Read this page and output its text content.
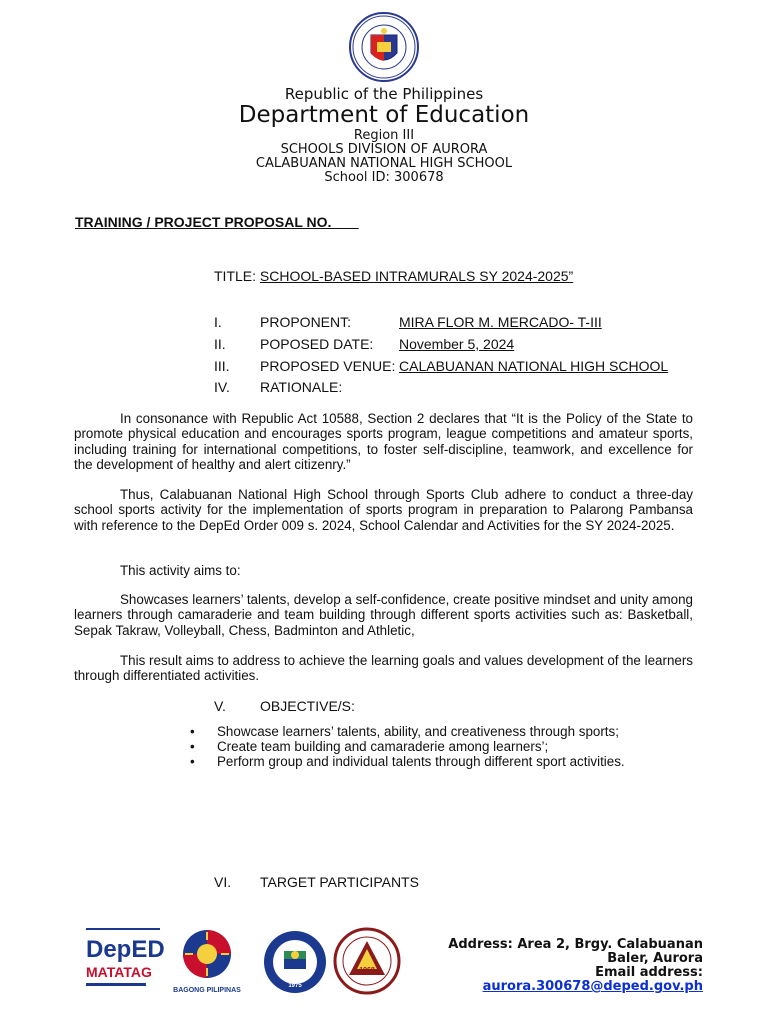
Republic of the Philippines
Department of Education
Region III
SCHOOLS DIVISION OF AURORA
CALABUANAN NATIONAL HIGH SCHOOL
School ID: 300678
TRAINING / PROJECT PROPOSAL NO.
TITLE: SCHOOL-BASED INTRAMURALS SY 2024-2025”
I.	PROPONENT:	MIRA FLOR M. MERCADO- T-III
II. POPOSED DATE: November 5, 2024
III. PROPOSED VENUE: CALABUANAN NATIONAL HIGH SCHOOL
IV. RATIONALE:
In consonance with Republic Act 10588, Section 2 declares that “It is the Policy of the State to promote physical education and encourages sports program, league competitions and amateur sports, including training for international competitions, to foster self-discipline, teamwork, and excellence for the development of healthy and alert citizenry.”
Thus, Calabuanan National High School through Sports Club adhere to conduct a three-day school sports activity for the implementation of sports program in preparation to Palarong Pambansa with reference to the DepEd Order 009 s. 2024, School Calendar and Activities for the SY 2024-2025.
This activity aims to:
Showcases learners’ talents, develop a self-confidence, create positive mindset and unity among learners through camaraderie and team building through different sports activities such as: Basketball, Sepak Takraw, Volleyball, Chess, Badminton and Athletic,
This result aims to address to achieve the learning goals and values development of the learners through differentiated activities.
V. OBJECTIVE/S:
• Showcase learners’ talents, ability, and creativeness through sports;
• Create team building and camaraderie among learners’;
• Perform group and individual talents through different sport activities.
VI. TARGET PARTICIPANTS
DepED
MATATAG
BAGONG PILIPINAS
1975
1968
Address: Area 2, Brgy. Calabuanan
Baler, Aurora
Email address:
aurora.300678@deped.gov.ph
